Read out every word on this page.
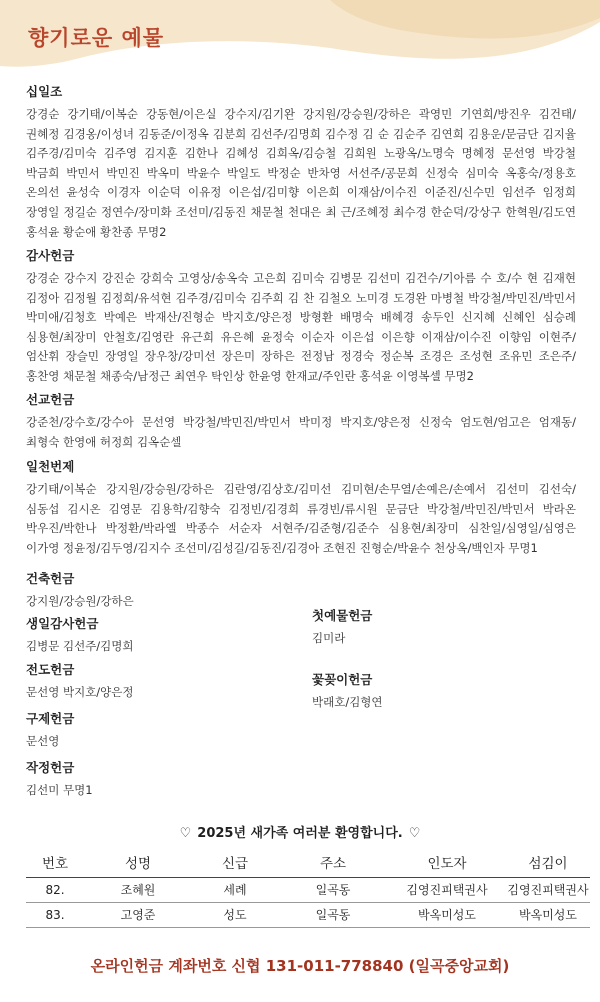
향기로운 예물

십일조

강경순 강기태/이복순 강동현/이은실 강수지/김기완 강지원/강승원/강하은 곽영민 기연희/방진우 김건태/권혜정 김경옹/이성녀 김동준/이정옥 김분희 김선주/김명희 김수정 김 순 김순주 김연희 김용운/문금단 김지율 김주경/김미숙 김주영 김지훈 김한나 김혜성 김희옥/김승철 김희원 노광옥/노명숙 명혜정 문선영 박강철 박금희 박민서 박민진 박옥미 박윤수 박일도 박정순 반차영 서선주/공문희 신정숙 심미숙 옥홍숙/정용호 온의선 윤성숙 이경자 이순덕 이유정 이은섭/김미향 이은희 이재삼/이수진 이준진/신수민 임선주 임정희 장영일 정길순 정연수/장미화 조선미/김동진 채문철 천대은 최 근/조혜정 최수경 한순덕/강상구 한혁원/김도연 홍석윤 황순애 황찬종 무명2

감사헌금

강경순 강수지 강진순 강희숙 고영상/송옥숙 고은희 김미숙 김병문 김선미 김건수/기아름 수 호/수 현 김재현 김정아 김정월 김정희/유석현 김주경/김미숙 김주희 김 찬 김철오 노미경 도경완 마병철 박강철/박민진/박민서 박미애/김청호 박예은 박재산/진형순 박지호/양은정 방형환 배명숙 배혜경 송두인 신지혜 신혜인 심승례 심용현/최장미 안철호/김영란 유근희 유은혜 윤정숙 이순자 이은섭 이은향 이재삼/이수진 이향임 이현주/엄산휘 장슬민 장영일 장우창/강미선 장은미 장하은 전정남 정경숙 정순복 조경은 조성현 조유민 조은주/홍찬영 채문철 채종숙/남정근 최연우 탁인상 한윤영 한재교/주인란 홍석윤 이영복셀 무명2

선교헌금

강준천/강수호/강수아 문선영 박강철/박민진/박민서 박미정 박지호/양은정 신정숙 엄도현/엄고은 엄재동/최형숙 한영애 허정희 김옥순셀

일천번제

강기태/이복순 강지원/강승원/강하은 김란영/김상호/김미선 김미현/손무열/손예은/손예서 김선미 김선숙/심동섭 김시온 김영문 김용학/김향숙 김정빈/김경희 류경빈/류시원 문금단 박강철/박민진/박민서 박라온 박우진/박한나 박정환/박라엘 박종수 서순자 서현주/김준형/김준수 심용현/최장미 심찬일/심영일/심영은 이가영 정윤정/김두영/김지수 조선미/김성길/김동진/김경아 조현진 진형순/박윤수 천상옥/백인자 무명1

건축헌금

강지원/강승원/강하은

생일감사헌금

김병문 김선주/김명희

첫예물헌금

김미라

전도헌금

문선영 박지호/양은정

꽃꽂이헌금

박래호/김형연

구제헌금

문선영

작정헌금

김선미 무명1

♡ 2025년 새가족 여러분 환영합니다. ♡
번호	성명	신급	주소	인도자	섬김이
82.	조혜원	세례	일곡동	김영진피택권사	김영진피택권사
83.	고영준	성도	일곡동	박옥미성도	박옥미성도
온라인헌금 계좌번호 신협 131-011-778840 (일곡중앙교회)
